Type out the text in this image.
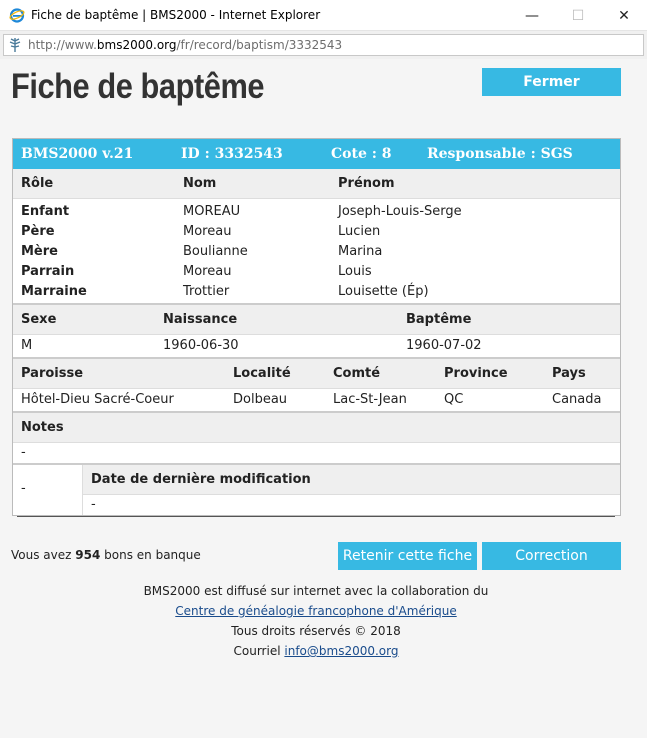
Fiche de baptême | BMS2000 - Internet Explorer	—	☐	✕
http://www.bms2000.org/fr/record/baptism/3332543
Fiche de baptême	Fermer
BMS2000 v.21	ID : 3332543	Cote : 8	Responsable : SGS
Rôle	Nom	Prénom
Enfant	MOREAU	Joseph-Louis-Serge
Père	Moreau	Lucien
Mère	Boulianne	Marina
Parrain	Moreau	Louis
Marraine	Trottier	Louisette (Ép)
Sexe	Naissance	Baptême
M	1960-06-30	1960-07-02
Paroisse	Localité	Comté	Province	Pays
Hôtel-Dieu Sacré-Coeur	Dolbeau	Lac-St-Jean	QC	Canada
Notes
-
-
Date de dernière modification
-
Vous avez 954 bons en banque	Retenir cette fiche	Correction
BMS2000 est diffusé sur internet avec la collaboration du
Centre de généalogie francophone d'Amérique
Tous droits réservés © 2018
Courriel info@bms2000.org
